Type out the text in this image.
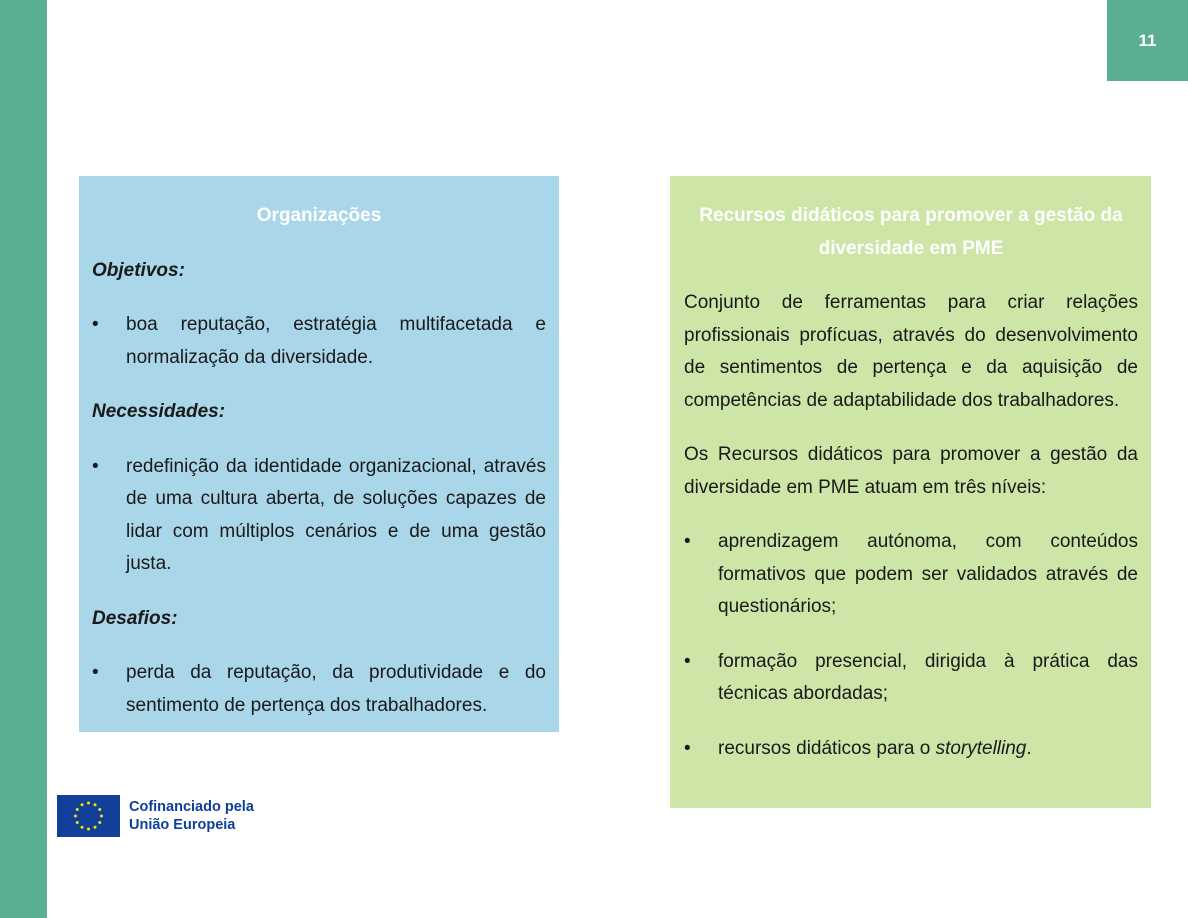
11
Organizações
Objetivos:
•	boa reputação, estratégia multifacetada e normalização da diversidade.
Necessidades:
•	redefinição da identidade organizacional, através de uma cultura aberta, de soluções capazes de lidar com múltiplos cenários e de uma gestão justa.
Desafios:
•	perda da reputação, da produtividade e do sentimento de pertença dos trabalhadores.
Recursos didáticos para promover a gestão da diversidade em PME

Conjunto de ferramentas para criar relações profissionais profícuas, através do desenvolvimento de sentimentos de pertença e da aquisição de competências de adaptabilidade dos trabalhadores.

Os Recursos didáticos para promover a gestão da diversidade em PME atuam em três níveis:

•	aprendizagem autónoma, com conteúdos formativos que podem ser validados através de questionários;
•	formação presencial, dirigida à prática das técnicas abordadas;
•	recursos didáticos para o storytelling.
Cofinanciado pela
União Europeia
